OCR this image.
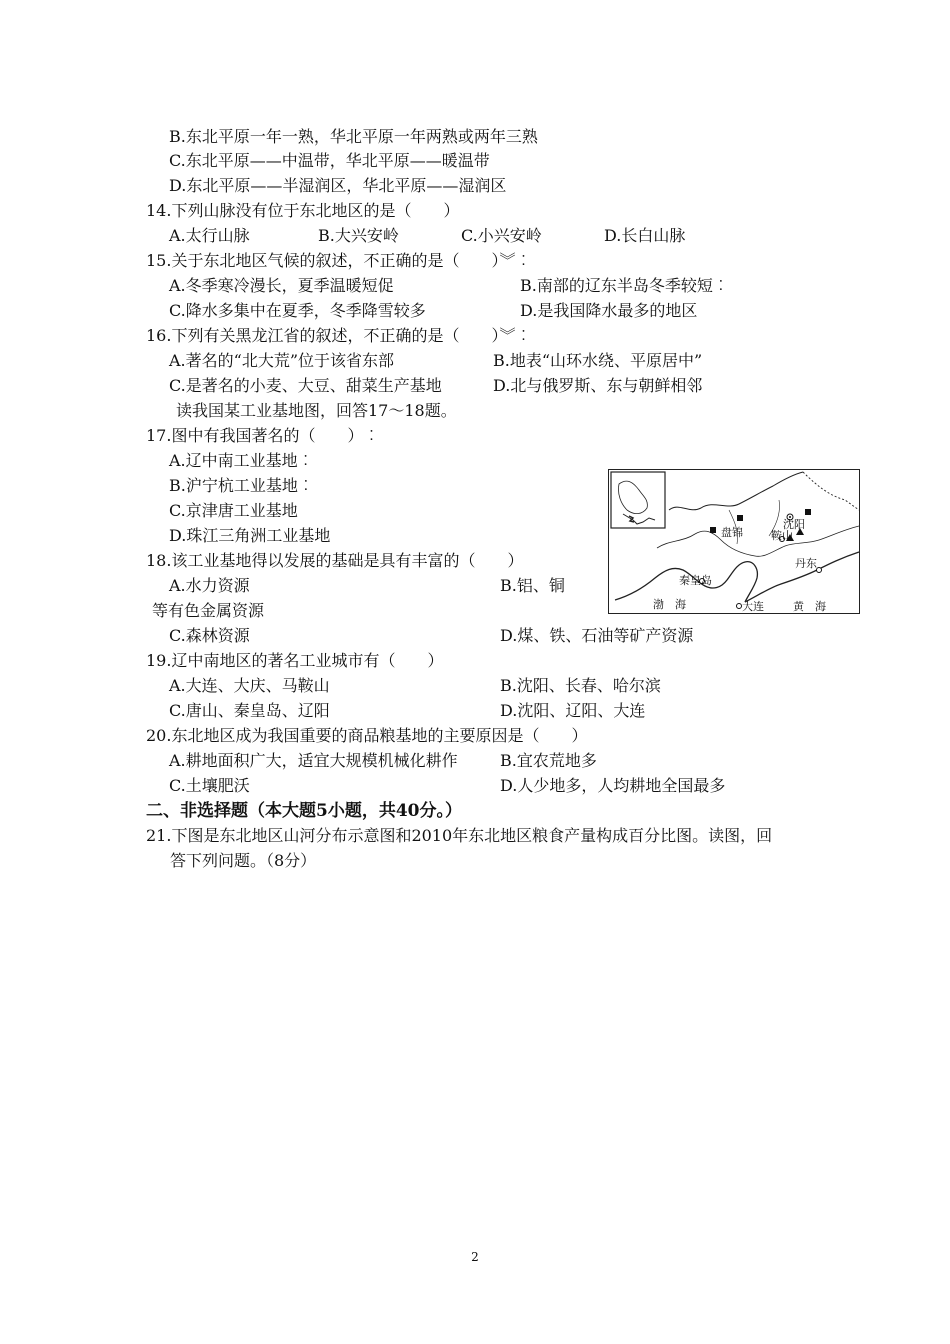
B.东北平原一年一熟，华北平原一年两熟或两年三熟
C.东北平原——中温带，华北平原——暖温带
D.东北平原——半湿润区，华北平原——湿润区
14.下列山脉没有位于东北地区的是（　　）
A.太行山脉	B.大兴安岭	C.小兴安岭	D.长白山脉
15.关于东北地区气候的叙述，不正确的是（　　）︾︰
A.冬季寒冷漫长，夏季温暖短促	B.南部的辽东半岛冬季较短︰
C.降水多集中在夏季，冬季降雪较多	D.是我国降水最多的地区
16.下列有关黑龙江省的叙述，不正确的是（　　）︾︰
A.著名的“北大荒”位于该省东部	B.地表“山环水绕、平原居中”
C.是著名的小麦、大豆、甜菜生产基地	D.北与俄罗斯、东与朝鲜相邻
读我国某工业基地图，回答17～18题。
17.图中有我国著名的（　　）︰
A.辽中南工业基地︰
B.沪宁杭工业基地︰
C.京津唐工业基地
D.珠江三角洲工业基地
18.该工业基地得以发展的基础是具有丰富的（　　）
A.水力资源	B.铝、铜
等有色金属资源
C.森林资源	D.煤、铁、石油等矿产资源
19.辽中南地区的著名工业城市有（　　）
A.大连、大庆、马鞍山	B.沈阳、长春、哈尔滨
C.唐山、秦皇岛、辽阳	D.沈阳、辽阳、大连
20.东北地区成为我国重要的商品粮基地的主要原因是（　　）
A.耕地面积广大，适宜大规模机械化耕作	B.宜农荒地多
C.土壤肥沃	D.人少地多，人均耕地全国最多
二、非选择题（本大题5小题，共40分。）
21.下图是东北地区山河分布示意图和2010年东北地区粮食产量构成百分比图。读图，回
答下列问题。（8分）
盘锦
沈阳
鞍山
丹东
秦皇岛
渤　海	大连	黄　海
2
